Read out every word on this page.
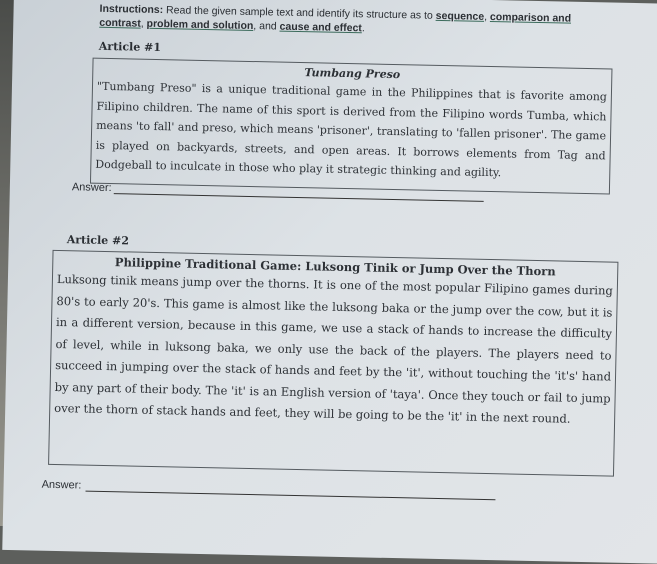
Instructions: Read the given sample text and identify its structure as to sequence, comparison and contrast, problem and solution, and cause and effect.
Article #1
Tumbang Preso

"Tumbang Preso" is a unique traditional game in the Philippines that is favorite among Filipino children. The name of this sport is derived from the Filipino words Tumba, which means 'to fall' and preso, which means 'prisoner', translating to 'fallen prisoner'. The game is played on backyards, streets, and open areas. It borrows elements from Tag and Dodgeball to inculcate in those who play it strategic thinking and agility.

Answer:
Article #2
Philippine Traditional Game: Luksong Tinik or Jump Over the Thorn

Luksong tinik means jump over the thorns. It is one of the most popular Filipino games during 80's to early 20's. This game is almost like the luksong baka or the jump over the cow, but it is in a different version, because in this game, we use a stack of hands to increase the difficulty of level, while in luksong baka, we only use the back of the players. The players need to succeed in jumping over the stack of hands and feet by the 'it', without touching the 'it's' hand by any part of their body. The 'it' is an English version of 'taya'. Once they touch or fail to jump over the thorn of stack hands and feet, they will be going to be the 'it' in the next round.

Answer:
